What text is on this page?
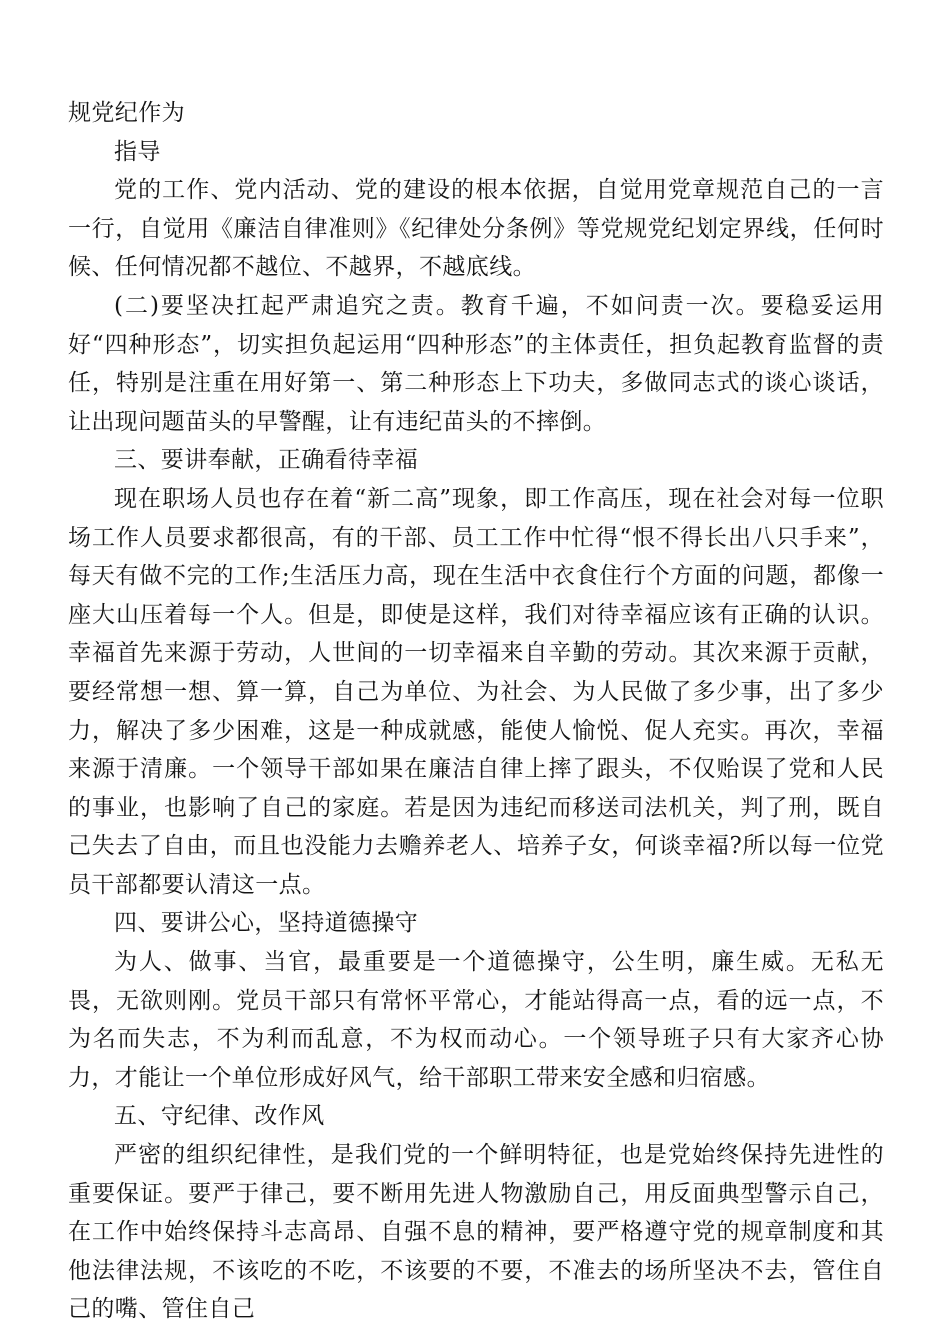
规党纪作为

指导

党的工作、党内活动、党的建设的根本依据，自觉用党章规范自己的一言一行，自觉用《廉洁自律准则》《纪律处分条例》等党规党纪划定界线，任何时候、任何情况都不越位、不越界，不越底线。

(二)要坚决扛起严肃追究之责。教育千遍，不如问责一次。要稳妥运用好“四种形态”，切实担负起运用“四种形态”的主体责任，担负起教育监督的责任，特别是注重在用好第一、第二种形态上下功夫，多做同志式的谈心谈话，让出现问题苗头的早警醒，让有违纪苗头的不摔倒。

三、要讲奉献，正确看待幸福

现在职场人员也存在着“新二高”现象，即工作高压，现在社会对每一位职场工作人员要求都很高，有的干部、员工工作中忙得“恨不得长出八只手来”，每天有做不完的工作;生活压力高，现在生活中衣食住行个方面的问题，都像一座大山压着每一个人。但是，即使是这样，我们对待幸福应该有正确的认识。幸福首先来源于劳动，人世间的一切幸福来自辛勤的劳动。其次来源于贡献，要经常想一想、算一算，自己为单位、为社会、为人民做了多少事，出了多少力，解决了多少困难，这是一种成就感，能使人愉悦、促人充实。再次，幸福来源于清廉。一个领导干部如果在廉洁自律上摔了跟头，不仅贻误了党和人民的事业，也影响了自己的家庭。若是因为违纪而移送司法机关，判了刑，既自己失去了自由，而且也没能力去赡养老人、培养子女，何谈幸福?所以每一位党员干部都要认清这一点。

四、要讲公心，坚持道德操守

为人、做事、当官，最重要是一个道德操守，公生明，廉生威。无私无畏，无欲则刚。党员干部只有常怀平常心，才能站得高一点，看的远一点，不为名而失志，不为利而乱意，不为权而动心。一个领导班子只有大家齐心协力，才能让一个单位形成好风气，给干部职工带来安全感和归宿感。

五、守纪律、改作风

严密的组织纪律性，是我们党的一个鲜明特征，也是党始终保持先进性的重要保证。要严于律己，要不断用先进人物激励自己，用反面典型警示自己，在工作中始终保持斗志高昂、自强不息的精神，要严格遵守党的规章制度和其他法律法规，不该吃的不吃，不该要的不要，不准去的场所坚决不去，管住自己的嘴、管住自己
